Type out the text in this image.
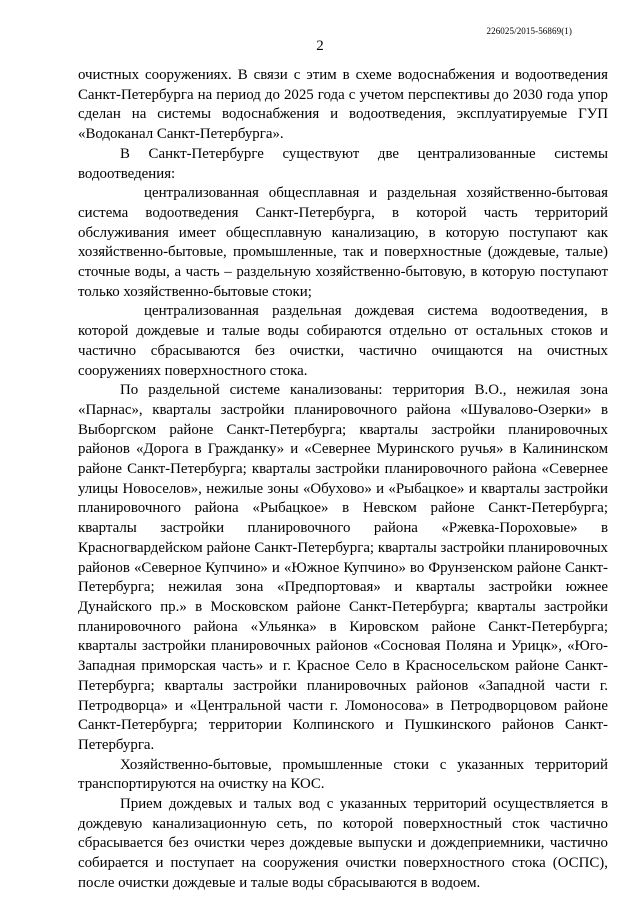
226025/2015-56869(1)
2

очистных сооружениях. В связи с этим в схеме водоснабжения и водоотведения Санкт-Петербурга на период до 2025 года с учетом перспективы до 2030 года упор сделан на системы водоснабжения и водоотведения, эксплуатируемые ГУП «Водоканал Санкт-Петербурга».

В Санкт-Петербурге существуют две централизованные системы водоотведения:

централизованная общесплавная и раздельная хозяйственно-бытовая система водоотведения Санкт-Петербурга, в которой часть территорий обслуживания имеет общесплавную канализацию, в которую поступают как хозяйственно-бытовые, промышленные, так и поверхностные (дождевые, талые) сточные воды, а часть – раздельную хозяйственно-бытовую, в которую поступают только хозяйственно-бытовые стоки;

централизованная раздельная дождевая система водоотведения, в которой дождевые и талые воды собираются отдельно от остальных стоков и частично сбрасываются без очистки, частично очищаются на очистных сооружениях поверхностного стока.

По раздельной системе канализованы: территория В.О., нежилая зона «Парнас», кварталы застройки планировочного района «Шувалово-Озерки» в Выборгском районе Санкт-Петербурга; кварталы застройки планировочных районов «Дорога в Гражданку» и «Севернее Муринского ручья» в Калининском районе Санкт-Петербурга; кварталы застройки планировочного района «Севернее улицы Новоселов», нежилые зоны «Обухово» и «Рыбацкое» и кварталы застройки планировочного района «Рыбацкое» в Невском районе Санкт-Петербурга; кварталы застройки планировочного района «Ржевка-Пороховые» в Красногвардейском районе Санкт-Петербурга; кварталы застройки планировочных районов «Северное Купчино» и «Южное Купчино» во Фрунзенском районе Санкт-Петербурга; нежилая зона «Предпортовая» и кварталы застройки южнее Дунайского пр.» в Московском районе Санкт-Петербурга; кварталы застройки планировочного района «Ульянка» в Кировском районе Санкт-Петербурга; кварталы застройки планировочных районов «Сосновая Поляна и Урицк», «Юго-Западная приморская часть» и г. Красное Село в Красносельском районе Санкт-Петербурга; кварталы застройки планировочных районов «Западной части г. Петродворца» и «Центральной части г. Ломоносова» в Петродворцовом районе Санкт-Петербурга; территории Колпинского и Пушкинского районов Санкт-Петербурга.

Хозяйственно-бытовые, промышленные стоки с указанных территорий транспортируются на очистку на КОС.

Прием дождевых и талых вод с указанных территорий осуществляется в дождевую канализационную сеть, по которой поверхностный сток частично сбрасывается без очистки через дождевые выпуски и дождеприемники, частично собирается и поступает на сооружения очистки поверхностного стока (ОСПС), после очистки дождевые и талые воды сбрасываются в водоем.
